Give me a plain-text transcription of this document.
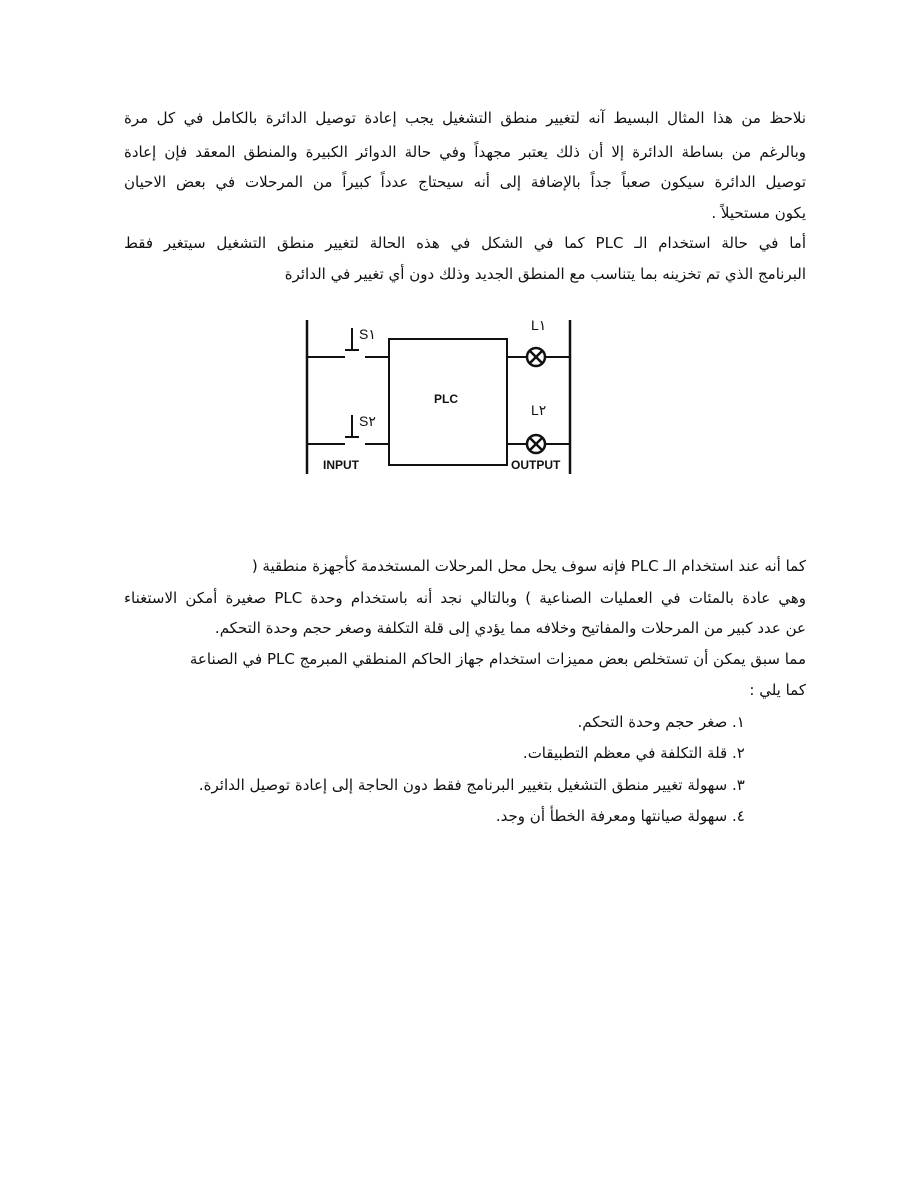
نلاحظ من هذا المثال البسيط آنه لتغيير منطق التشغيل يجب إعادة توصيل الدائرة بالكامل في كل مرة
وبالرغم من بساطة الدائرة إلا أن ذلك يعتبر مجهداً وفي حالة الدوائر الكبيرة والمنطق المعقد فإن إعادة
توصيل الدائرة سيكون صعباً جداً بالإضافة إلى أنه سيحتاج عدداً كبيراً من المرحلات في بعض الاحيان
يكون مستحيلاً .
أما في حالة استخدام الـ PLC كما في الشكل في هذه الحالة لتغيير منطق التشغيل سيتغير فقط
البرنامج الذي تم تخزينه بما يتناسب مع المنطق الجديد وذلك دون أي تغيير في الدائرة
PLC
S١
S٢
L١
L٢
INPUT	OUTPUT
كما أنه عند استخدام الـ PLC فإنه سوف يحل محل المرحلات المستخدمة كأجهزة منطقية (
وهي عادة بالمئات في العمليات الصناعية ) وبالتالي نجد أنه باستخدام وحدة PLC صغيرة أمكن الاستغناء
عن عدد كبير من المرحلات والمفاتيح وخلافه مما يؤدي إلى قلة التكلفة وصغر حجم وحدة التحكم.
مما سبق يمكن أن تستخلص بعض مميزات استخدام جهاز الحاكم المنطقي المبرمج PLC في الصناعة
كما يلي :
١. صغر حجم وحدة التحكم.
٢. قلة التكلفة في معظم التطبيقات.
٣. سهولة تغيير منطق التشغيل بتغيير البرنامج فقط دون الحاجة إلى إعادة توصيل الدائرة.
٤. سهولة صيانتها ومعرفة الخطأ أن وجد.
